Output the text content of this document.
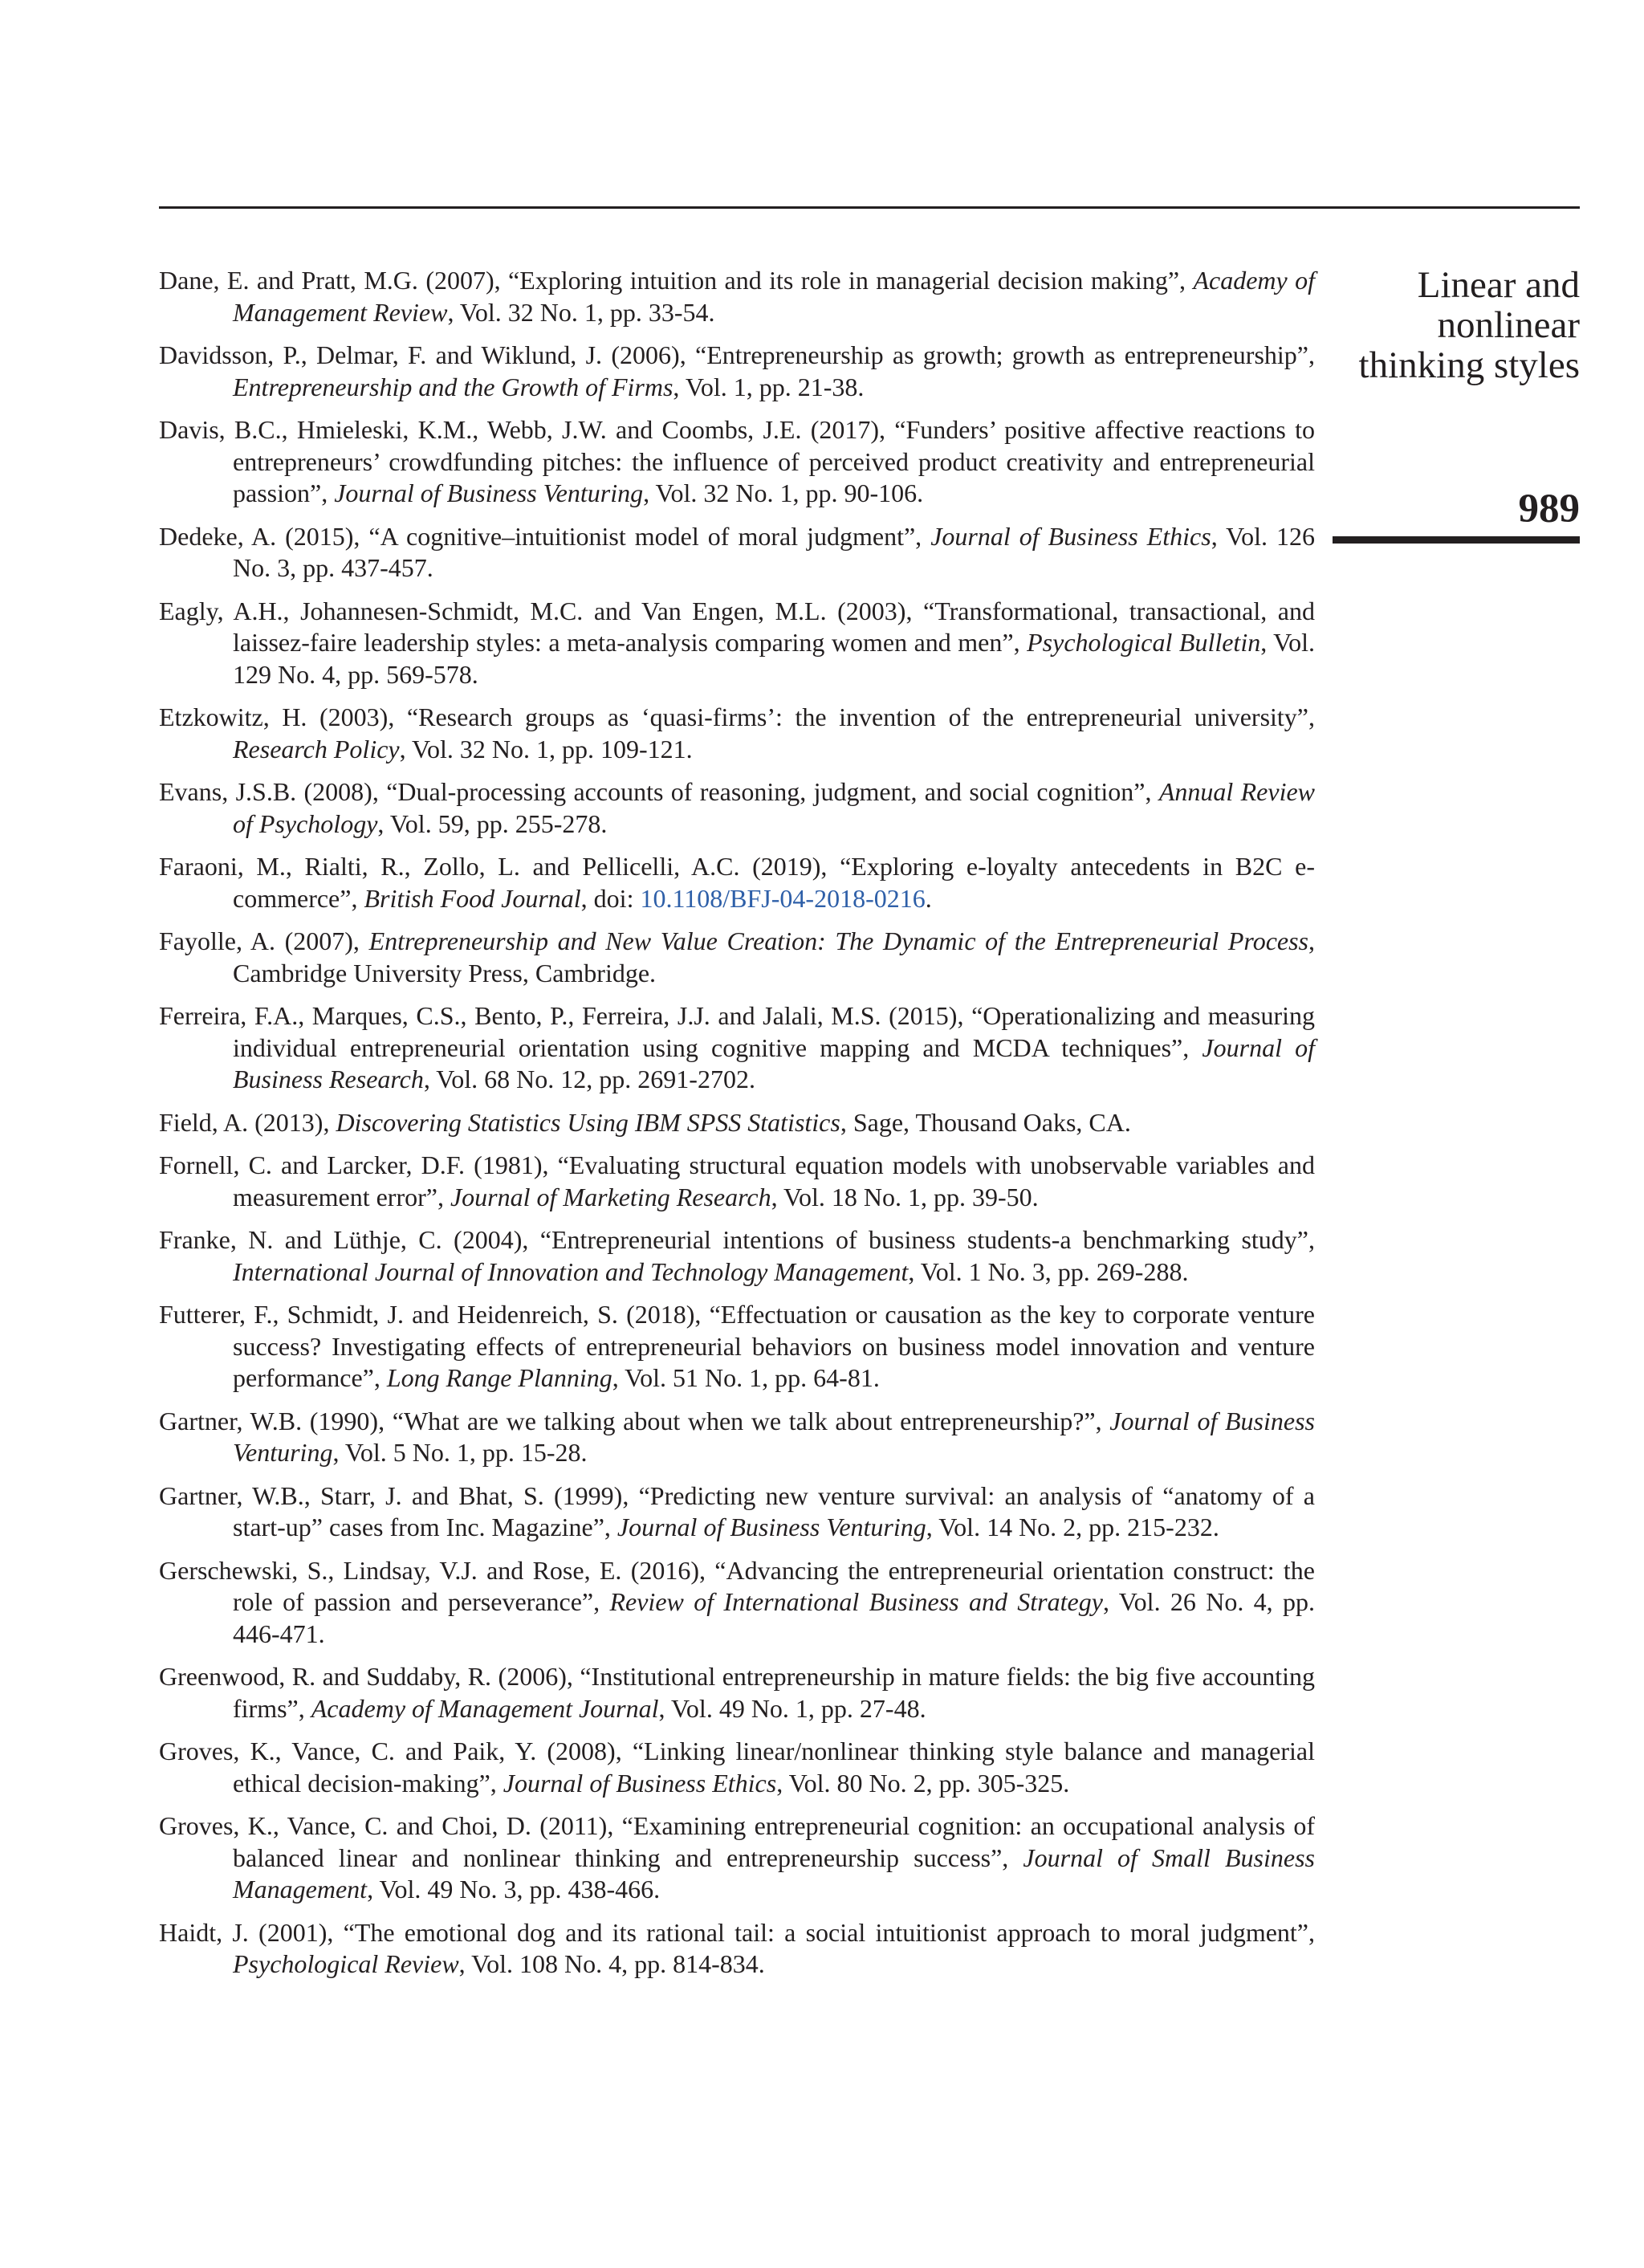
Linear and
nonlinear
thinking styles
989
Dane, E. and Pratt, M.G. (2007), “Exploring intuition and its role in managerial decision making”, Academy of Management Review, Vol. 32 No. 1, pp. 33-54.
Davidsson, P., Delmar, F. and Wiklund, J. (2006), “Entrepreneurship as growth; growth as entrepreneurship”, Entrepreneurship and the Growth of Firms, Vol. 1, pp. 21-38.
Davis, B.C., Hmieleski, K.M., Webb, J.W. and Coombs, J.E. (2017), “Funders’ positive affective reactions to entrepreneurs’ crowdfunding pitches: the influence of perceived product creativity and entrepreneurial passion”, Journal of Business Venturing, Vol. 32 No. 1, pp. 90-106.
Dedeke, A. (2015), “A cognitive–intuitionist model of moral judgment”, Journal of Business Ethics, Vol. 126 No. 3, pp. 437-457.
Eagly, A.H., Johannesen-Schmidt, M.C. and Van Engen, M.L. (2003), “Transformational, transactional, and laissez-faire leadership styles: a meta-analysis comparing women and men”, Psychological Bulletin, Vol. 129 No. 4, pp. 569-578.
Etzkowitz, H. (2003), “Research groups as ‘quasi-firms’: the invention of the entrepreneurial university”, Research Policy, Vol. 32 No. 1, pp. 109-121.
Evans, J.S.B. (2008), “Dual-processing accounts of reasoning, judgment, and social cognition”, Annual Review of Psychology, Vol. 59, pp. 255-278.
Faraoni, M., Rialti, R., Zollo, L. and Pellicelli, A.C. (2019), “Exploring e-loyalty antecedents in B2C e-commerce”, British Food Journal, doi: 10.1108/BFJ-04-2018-0216.
Fayolle, A. (2007), Entrepreneurship and New Value Creation: The Dynamic of the Entrepreneurial Process, Cambridge University Press, Cambridge.
Ferreira, F.A., Marques, C.S., Bento, P., Ferreira, J.J. and Jalali, M.S. (2015), “Operationalizing and measuring individual entrepreneurial orientation using cognitive mapping and MCDA techniques”, Journal of Business Research, Vol. 68 No. 12, pp. 2691-2702.
Field, A. (2013), Discovering Statistics Using IBM SPSS Statistics, Sage, Thousand Oaks, CA.
Fornell, C. and Larcker, D.F. (1981), “Evaluating structural equation models with unobservable variables and measurement error”, Journal of Marketing Research, Vol. 18 No. 1, pp. 39-50.
Franke, N. and Lüthje, C. (2004), “Entrepreneurial intentions of business students-a benchmarking study”, International Journal of Innovation and Technology Management, Vol. 1 No. 3, pp. 269-288.
Futterer, F., Schmidt, J. and Heidenreich, S. (2018), “Effectuation or causation as the key to corporate venture success? Investigating effects of entrepreneurial behaviors on business model innovation and venture performance”, Long Range Planning, Vol. 51 No. 1, pp. 64-81.
Gartner, W.B. (1990), “What are we talking about when we talk about entrepreneurship?”, Journal of Business Venturing, Vol. 5 No. 1, pp. 15-28.
Gartner, W.B., Starr, J. and Bhat, S. (1999), “Predicting new venture survival: an analysis of “anatomy of a start-up” cases from Inc. Magazine”, Journal of Business Venturing, Vol. 14 No. 2, pp. 215-232.
Gerschewski, S., Lindsay, V.J. and Rose, E. (2016), “Advancing the entrepreneurial orientation construct: the role of passion and perseverance”, Review of International Business and Strategy, Vol. 26 No. 4, pp. 446-471.
Greenwood, R. and Suddaby, R. (2006), “Institutional entrepreneurship in mature fields: the big five accounting firms”, Academy of Management Journal, Vol. 49 No. 1, pp. 27-48.
Groves, K., Vance, C. and Paik, Y. (2008), “Linking linear/nonlinear thinking style balance and managerial ethical decision-making”, Journal of Business Ethics, Vol. 80 No. 2, pp. 305-325.
Groves, K., Vance, C. and Choi, D. (2011), “Examining entrepreneurial cognition: an occupational analysis of balanced linear and nonlinear thinking and entrepreneurship success”, Journal of Small Business Management, Vol. 49 No. 3, pp. 438-466.
Haidt, J. (2001), “The emotional dog and its rational tail: a social intuitionist approach to moral judgment”, Psychological Review, Vol. 108 No. 4, pp. 814-834.
